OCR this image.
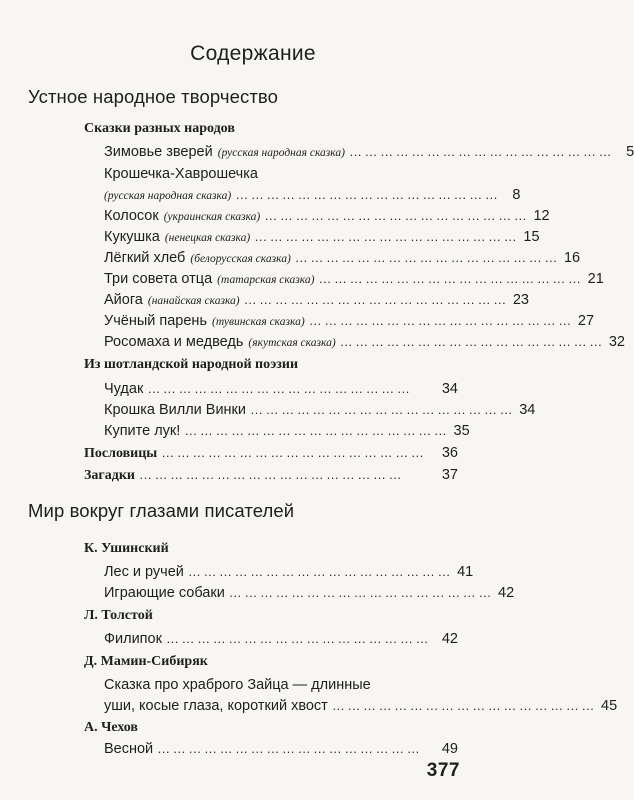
Содержание
Устное народное творчество
Сказки разных народов
Зимовье зверей (русская народная сказка) …………………………………………… 5
Крошечка-Хаврошечка
(русская народная сказка) …………………………………………… 8
Колосок (украинская сказка) …………………………………………… 12
Кукушка (ненецкая сказка) …………………………………………… 15
Лёгкий хлеб (белорусская сказка) …………………………………………… 16
Три совета отца (татарская сказка) …………………………………………… 21
Айога (нанайская сказка) …………………………………………… 23
Учёный парень (тувинская сказка) …………………………………………… 27
Росомаха и медведь (якутская сказка) …………………………………………… 32
Из шотландской народной поэзии
Чудак ……………………………………………	34
Крошка Вилли Винки …………………………………………… 34
Купите лук! …………………………………………… 35
Пословицы ……………………………………………	36
Загадки ……………………………………………	37
Мир вокруг глазами писателей
К. Ушинский
Лес и ручей …………………………………………… 41
Играющие собаки …………………………………………… 42
Л. Толстой
Филипок …………………………………………… 42
Д. Мамин-Сибиряк
Сказка про храброго Зайца — длинные
уши, косые глаза, короткий хвост …………………………………………… 45
А. Чехов
Весной ……………………………………………	49
377
